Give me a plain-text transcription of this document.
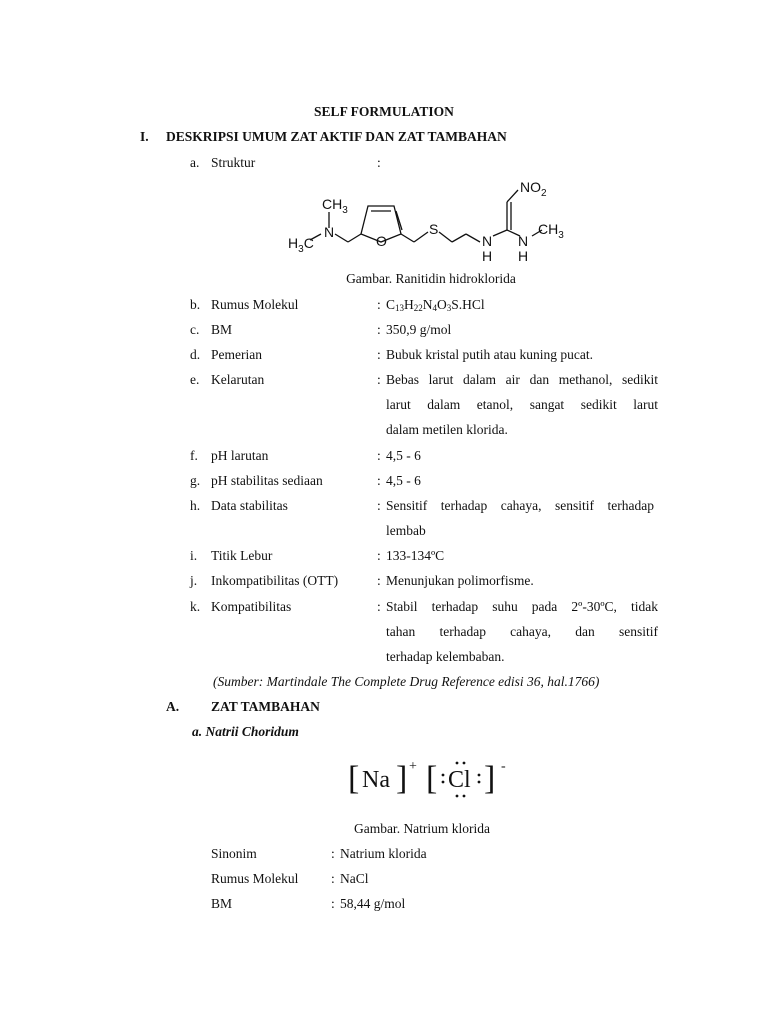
SELF FORMULATION
I. DESKRIPSI UMUM ZAT AKTIF DAN ZAT TAMBAHAN
a. Struktur	:
$CH_3$
N
$H_3C$	O
S
N
H
N
H
$CH_3$
$NO_2$
Gambar. Ranitidin hidroklorida
b. Rumus Molekul	: $C_{13}H_{22}N_4O_3S.HCl$
c. BM	: 350,9 g/mol
d. Pemerian	: Bubuk kristal putih atau kuning pucat.
e. Kelarutan	: Bebas larut dalam air dan methanol, sedikit
larut dalam etanol, sangat sedikit larut
dalam metilen klorida.
f. pH larutan	: 4,5 - 6
g. pH stabilitas sediaan	: 4,5 - 6
h. Data stabilitas	: Sensitif terhadap cahaya, sensitif terhadap
lembab
i.	Titik Lebur	: 133-134ºC
j.	Inkompatibilitas (OTT)	: Menunjukan polimorfisme.
k. Kompatibilitas	: Stabil terhadap suhu pada 2º-30ºC, tidak
tahan terhadap cahaya, dan sensitif
terhadap kelembaban.
(Sumber: Martindale The Complete Drug Reference edisi 36, hal.1766)
A. ZAT TAMBAHAN
a. Natrii Choridum
[ Na ] + [ Cl ] -
Gambar. Natrium klorida
Sinonim	: Natrium klorida
Rumus Molekul : NaCl
BM	: 58,44 g/mol
